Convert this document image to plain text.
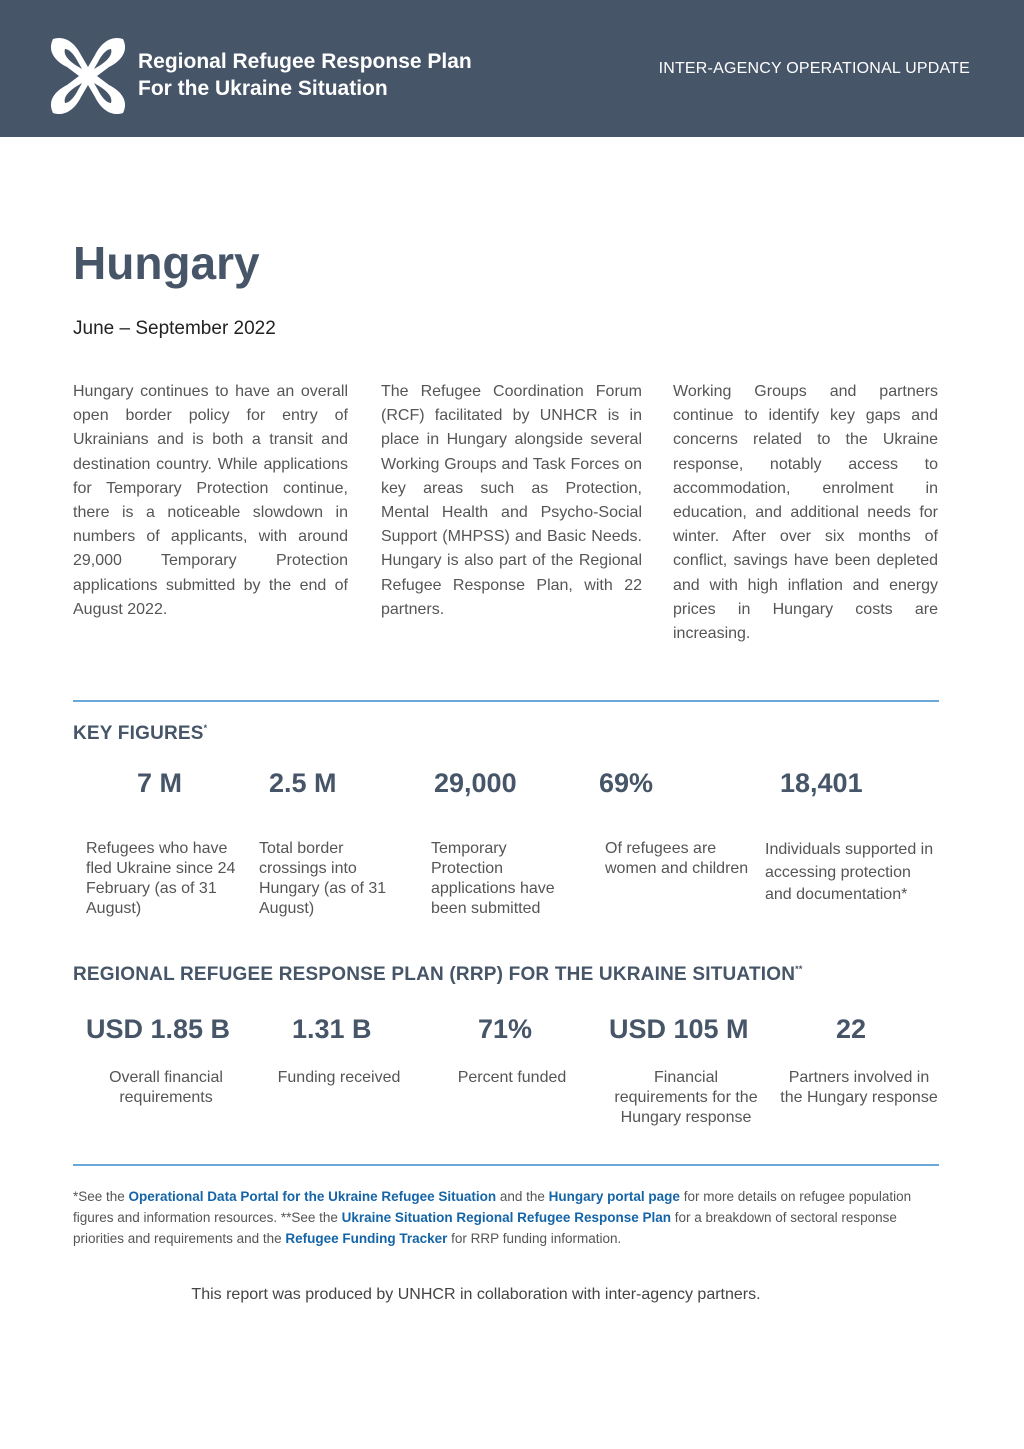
Regional Refugee Response Plan
For the Ukraine Situation
INTER-AGENCY OPERATIONAL UPDATE
Hungary
June – September 2022
Hungary continues to have an overall open border policy for entry of Ukrainians and is both a transit and destination country. While applications for Temporary Protection continue, there is a noticeable slowdown in numbers of applicants, with around 29,000 Temporary Protection applications submitted by the end of August 2022.
The Refugee Coordination Forum (RCF) facilitated by UNHCR is in place in Hungary alongside several Working Groups and Task Forces on key areas such as Protection, Mental Health and Psycho-Social Support (MHPSS) and Basic Needs. Hungary is also part of the Regional Refugee Response Plan, with 22 partners.
Working Groups and partners continue to identify key gaps and concerns related to the Ukraine response, notably access to accommodation, enrolment in education, and additional needs for winter. After over six months of conflict, savings have been depleted and with high inflation and energy prices in Hungary costs are increasing.
KEY FIGURES*
7 M
Refugees who have fled Ukraine since 24 February (as of 31 August)
2.5 M
Total border crossings into Hungary (as of 31 August)
29,000
Temporary Protection applications have been submitted
69%
Of refugees are women and children
18,401
Individuals supported in accessing protection and documentation*
REGIONAL REFUGEE RESPONSE PLAN (RRP) FOR THE UKRAINE SITUATION**
USD 1.85 B
Overall financial requirements
1.31 B
Funding received
71%
Percent funded
USD 105 M
Financial requirements for the Hungary response
22
Partners involved in the Hungary response
*See the Operational Data Portal for the Ukraine Refugee Situation and the Hungary portal page for more details on refugee population figures and information resources. **See the Ukraine Situation Regional Refugee Response Plan for a breakdown of sectoral response priorities and requirements and the Refugee Funding Tracker for RRP funding information.
This report was produced by UNHCR in collaboration with inter-agency partners.
